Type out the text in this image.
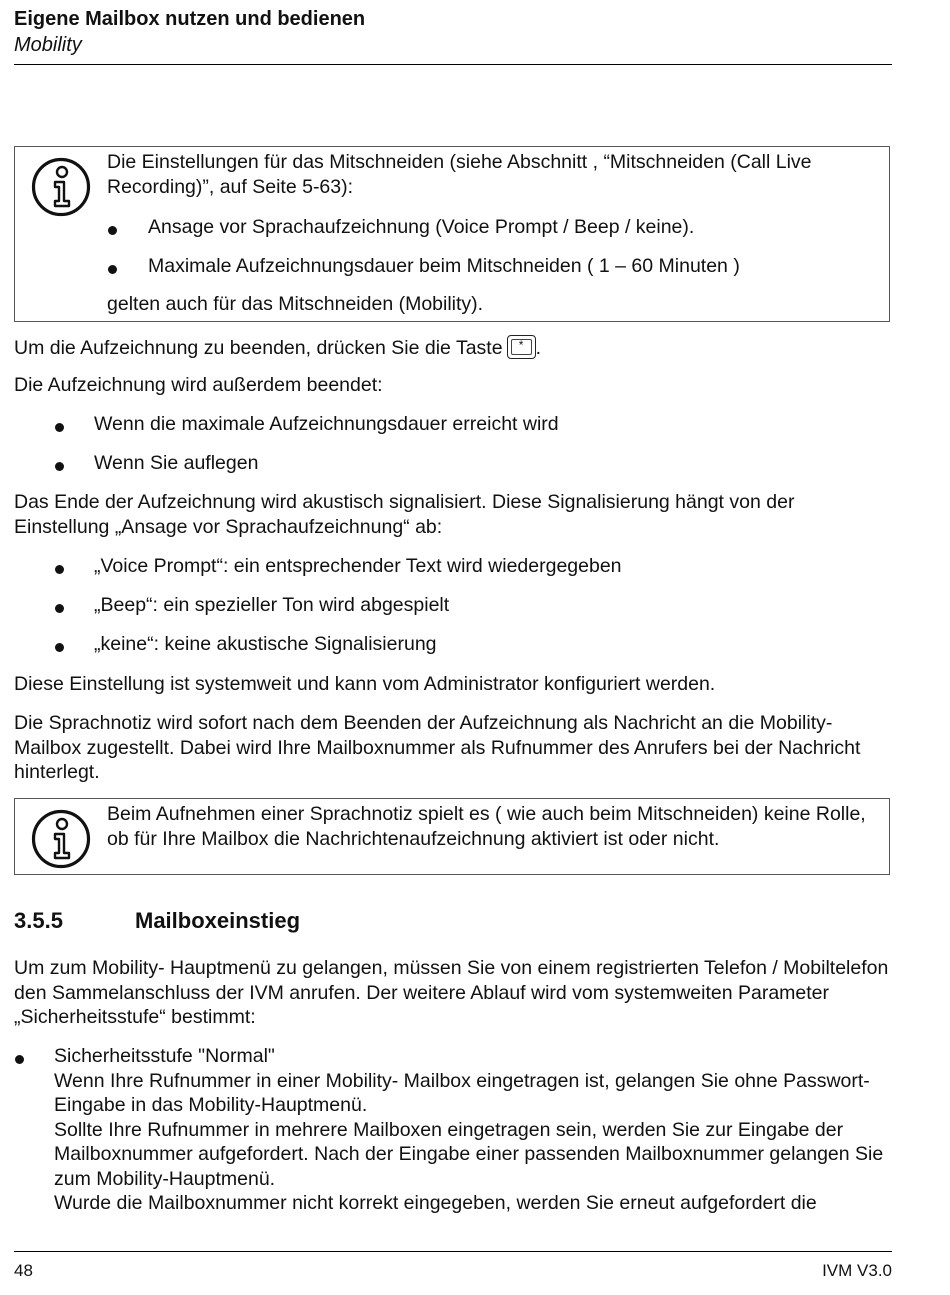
Eigene Mailbox nutzen und bedienen
Mobility

Die Einstellungen für das Mitschneiden (siehe Abschnitt , “Mitschneiden (Call Live Recording)”, auf Seite 5-63):

Ansage vor Sprachaufzeichnung (Voice Prompt / Beep / keine).
Maximale Aufzeichnungsdauer beim Mitschneiden ( 1 – 60 Minuten )

gelten auch für das Mitschneiden (Mobility).

Um die Aufzeichnung zu beenden, drücken Sie die Taste	* .

Die Aufzeichnung wird außerdem beendet:

Wenn die maximale Aufzeichnungsdauer erreicht wird
Wenn Sie auflegen

Das Ende der Aufzeichnung wird akustisch signalisiert. Diese Signalisierung hängt von der Einstellung „Ansage vor Sprachaufzeichnung“ ab:

„Voice Prompt“: ein entsprechender Text wird wiedergegeben
„Beep“: ein spezieller Ton wird abgespielt
„keine“: keine akustische Signalisierung

Diese Einstellung ist systemweit und kann vom Administrator konfiguriert werden.

Die Sprachnotiz wird sofort nach dem Beenden der Aufzeichnung als Nachricht an die Mobility-Mailbox zugestellt. Dabei wird Ihre Mailboxnummer als Rufnummer des Anrufers bei der Nachricht hinterlegt.

Beim Aufnehmen einer Sprachnotiz spielt es ( wie auch beim Mitschneiden) keine Rolle, ob für Ihre Mailbox die Nachrichtenaufzeichnung aktiviert ist oder nicht.

3.5.5	Mailboxeinstieg

Um zum Mobility- Hauptmenü zu gelangen, müssen Sie von einem registrierten Telefon / Mobiltelefon den Sammelanschluss der IVM anrufen. Der weitere Ablauf wird vom systemweiten Parameter „Sicherheitsstufe“ bestimmt:

Sicherheitsstufe "Normal"

Wenn Ihre Rufnummer in einer Mobility- Mailbox eingetragen ist, gelangen Sie ohne Passwort- Eingabe in das Mobility-Hauptmenü.

Sollte Ihre Rufnummer in mehrere Mailboxen eingetragen sein, werden Sie zur Eingabe der Mailboxnummer aufgefordert. Nach der Eingabe einer passenden Mailboxnummer gelangen Sie zum Mobility-Hauptmenü.

Wurde die Mailboxnummer nicht korrekt eingegeben, werden Sie erneut aufgefordert die

48	IVM V3.0
